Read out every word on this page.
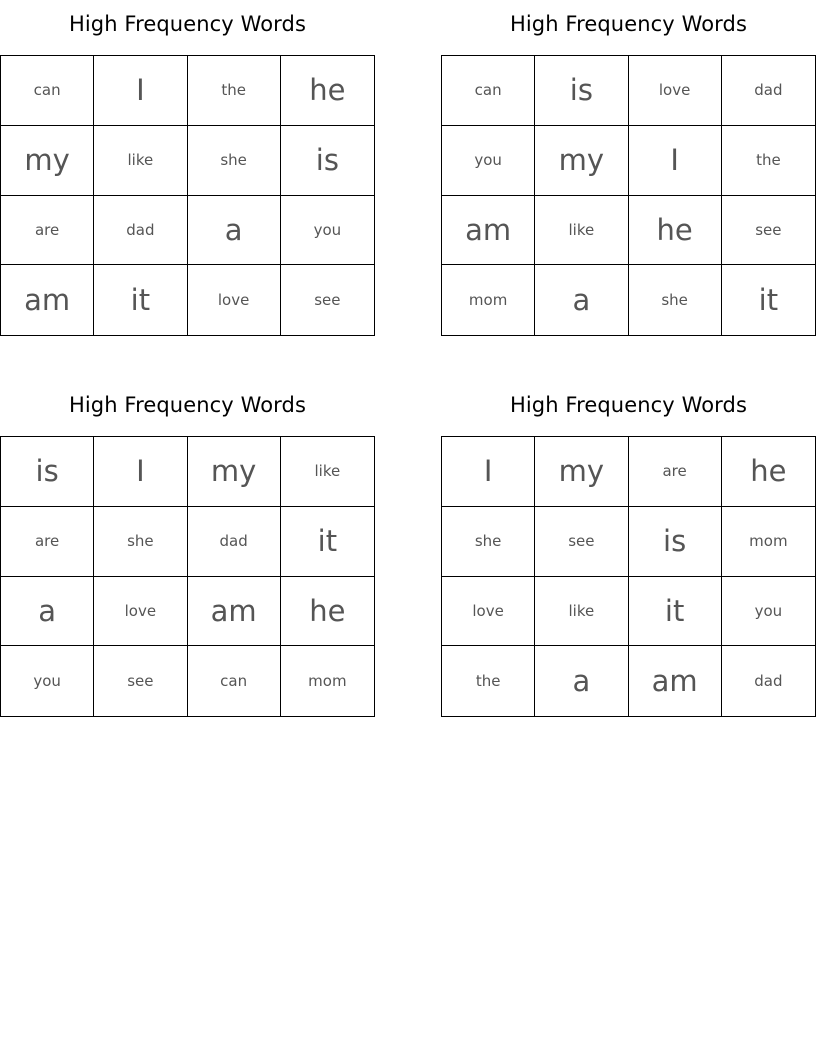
High Frequency Words
can	I	the	he
my	like	she	is
are	dad	a	you
am	it	love	see
High Frequency Words
can	is	love	dad
you	my	I	the
am	like	he	see
mom	a	she	it
High Frequency Words
is	I	my	like
are	she	dad	it
a	love	am	he
you	see	can	mom
High Frequency Words
I	my	are	he
she	see	is	mom
love	like	it	you
the	a	am	dad
